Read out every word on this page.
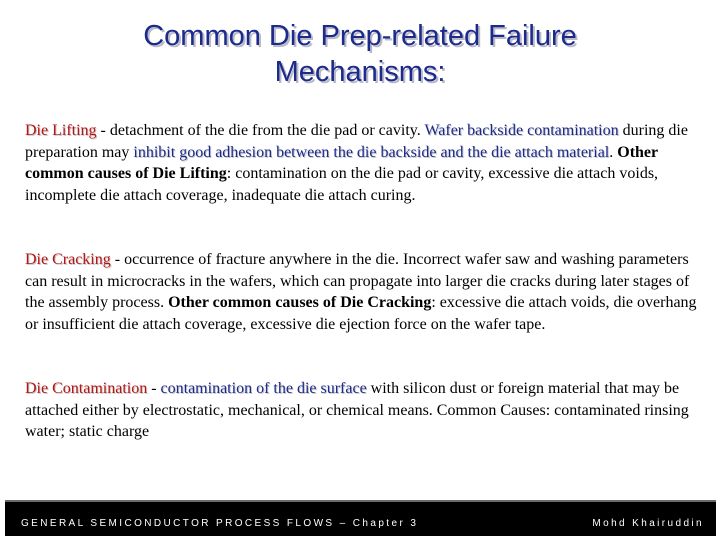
Common Die Prep-related Failure
Mechanisms:
Die Lifting - detachment of the die from the die pad or cavity. Wafer backside contamination during die preparation may inhibit good adhesion between the die backside and the die attach material. Other common causes of Die Lifting: contamination on the die pad or cavity, excessive die attach voids, incomplete die attach coverage, inadequate die attach curing.
Die Cracking - occurrence of fracture anywhere in the die. Incorrect wafer saw and washing parameters can result in microcracks in the wafers, which can propagate into larger die cracks during later stages of the assembly process. Other common causes of Die Cracking: excessive die attach voids, die overhang or insufficient die attach coverage, excessive die ejection force on the wafer tape.
Die Contamination - contamination of the die surface with silicon dust or foreign material that may be attached either by electrostatic, mechanical, or chemical means. Common Causes: contaminated rinsing water; static charge
GENERAL SEMICONDUCTOR PROCESS FLOWS – Chapter 3	Mohd Khairuddin
